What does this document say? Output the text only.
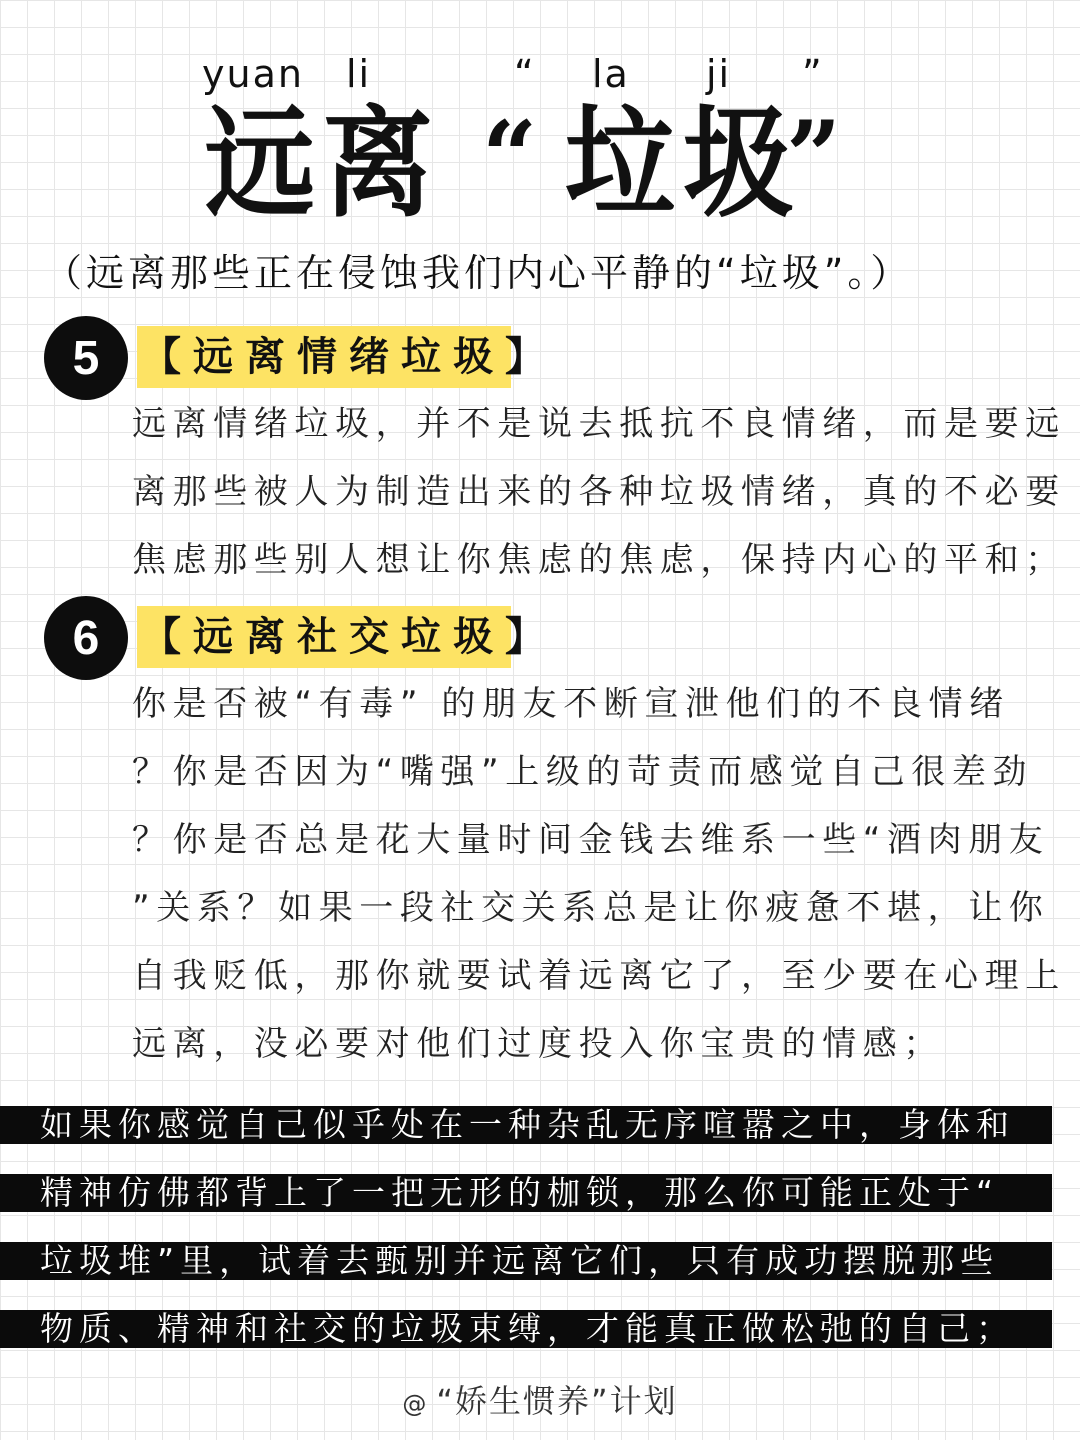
yuan li	“ la ji ”
远 离 “ 垃 圾
”
（远离那些正在侵蚀我们内心平静的“垃圾”。）
5	【远离情绪垃圾】
远离情绪垃圾，并不是说去抵抗不良情绪，而是要远
离那些被人为制造出来的各种垃圾情绪，真的不必要
焦虑那些别人想让你焦虑的焦虑，保持内心的平和；
6	【远离社交垃圾】
你是否被“有毒” 的朋友不断宣泄他们的不良情绪
？你是否因为“嘴强”上级的苛责而感觉自己很差劲
？你是否总是花大量时间金钱去维系一些“酒肉朋友
”关系？如果一段社交关系总是让你疲惫不堪，让你
自我贬低，那你就要试着远离它了，至少要在心理上
远离，没必要对他们过度投入你宝贵的情感；
如果你感觉自己似乎处在一种杂乱无序喧嚣之中，身体和
精神仿佛都背上了一把无形的枷锁，那么你可能正处于“
垃圾堆”里，试着去甄别并远离它们，只有成功摆脱那些
物质、精神和社交的垃圾束缚，才能真正做松弛的自己；
@ “娇生惯养”计划
